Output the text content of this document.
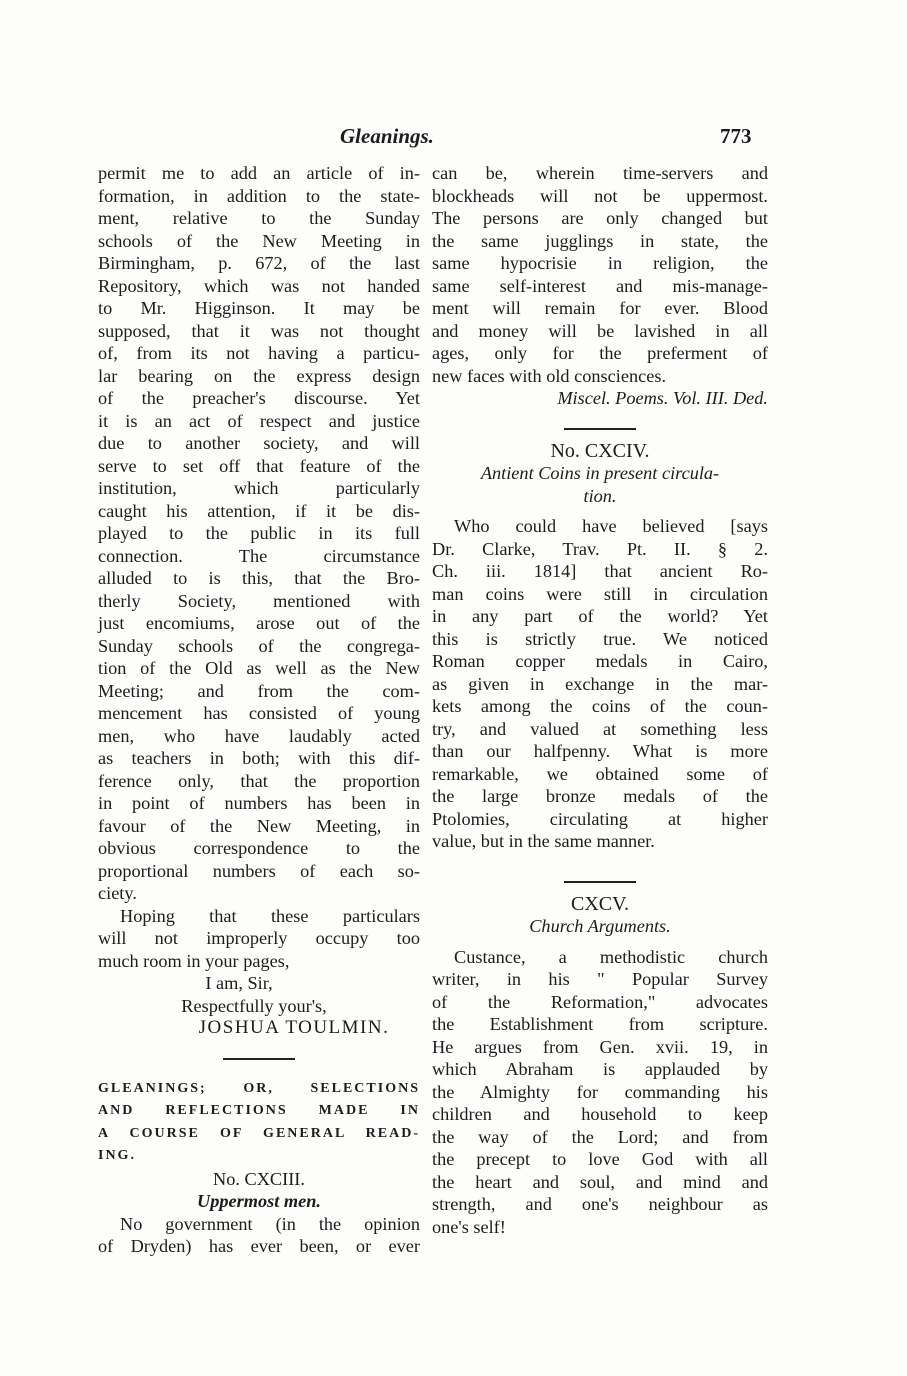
Gleanings.	773
permit me to add an article of in-
formation, in addition to the state-
ment, relative to the Sunday
schools of the New Meeting in
Birmingham, p. 672, of the last
Repository, which was not handed
to Mr. Higginson. It may be
supposed, that it was not thought
of, from its not having a particu-
lar bearing on the express design
of the preacher's discourse. Yet
it is an act of respect and justice
due to another society, and will
serve to set off that feature of the
institution, which particularly
caught his attention, if it be dis-
played to the public in its full
connection. The circumstance
alluded to is this, that the Bro-
therly Society, mentioned with
just encomiums, arose out of the
Sunday schools of the congrega-
tion of the Old as well as the New
Meeting; and from the com-
mencement has consisted of young
men, who have laudably acted
as teachers in both; with this dif-
ference only, that the proportion
in point of numbers has been in
favour of the New Meeting, in
obvious correspondence to the
proportional numbers of each so-
ciety.
Hoping that these particulars
will not improperly occupy too
much room in your pages,
I am, Sir,
Respectfully your's,
JOSHUA TOULMIN.
GLEANINGS; OR, SELECTIONS
AND REFLECTIONS MADE IN
A COURSE OF GENERAL READ-
ING.
No. CXCIII.
Uppermost men.
No government (in the opinion
of Dryden) has ever been, or ever
can be, wherein time-servers and
blockheads will not be uppermost.
The persons are only changed but
the same jugglings in state, the
same hypocrisie in religion, the
same self-interest and mis-manage-
ment will remain for ever. Blood
and money will be lavished in all
ages, only for the preferment of
new faces with old consciences.
Miscel. Poems. Vol. III. Ded.
No. CXCIV.
Antient Coins in present circula-
tion.
Who could have believed [says
Dr. Clarke, Trav. Pt. II. § 2.
Ch. iii. 1814] that ancient Ro-
man coins were still in circulation
in any part of the world? Yet
this is strictly true. We noticed
Roman copper medals in Cairo,
as given in exchange in the mar-
kets among the coins of the coun-
try, and valued at something less
than our halfpenny. What is more
remarkable, we obtained some of
the large bronze medals of the
Ptolomies, circulating at higher
value, but in the same manner.
CXCV.
Church Arguments.
Custance, a methodistic church
writer, in his " Popular Survey
of the Reformation," advocates
the Establishment from scripture.
He argues from Gen. xvii. 19, in
which Abraham is applauded by
the Almighty for commanding his
children and household to keep
the way of the Lord; and from
the precept to love God with all
the heart and soul, and mind and
strength, and one's neighbour as
one's self!
